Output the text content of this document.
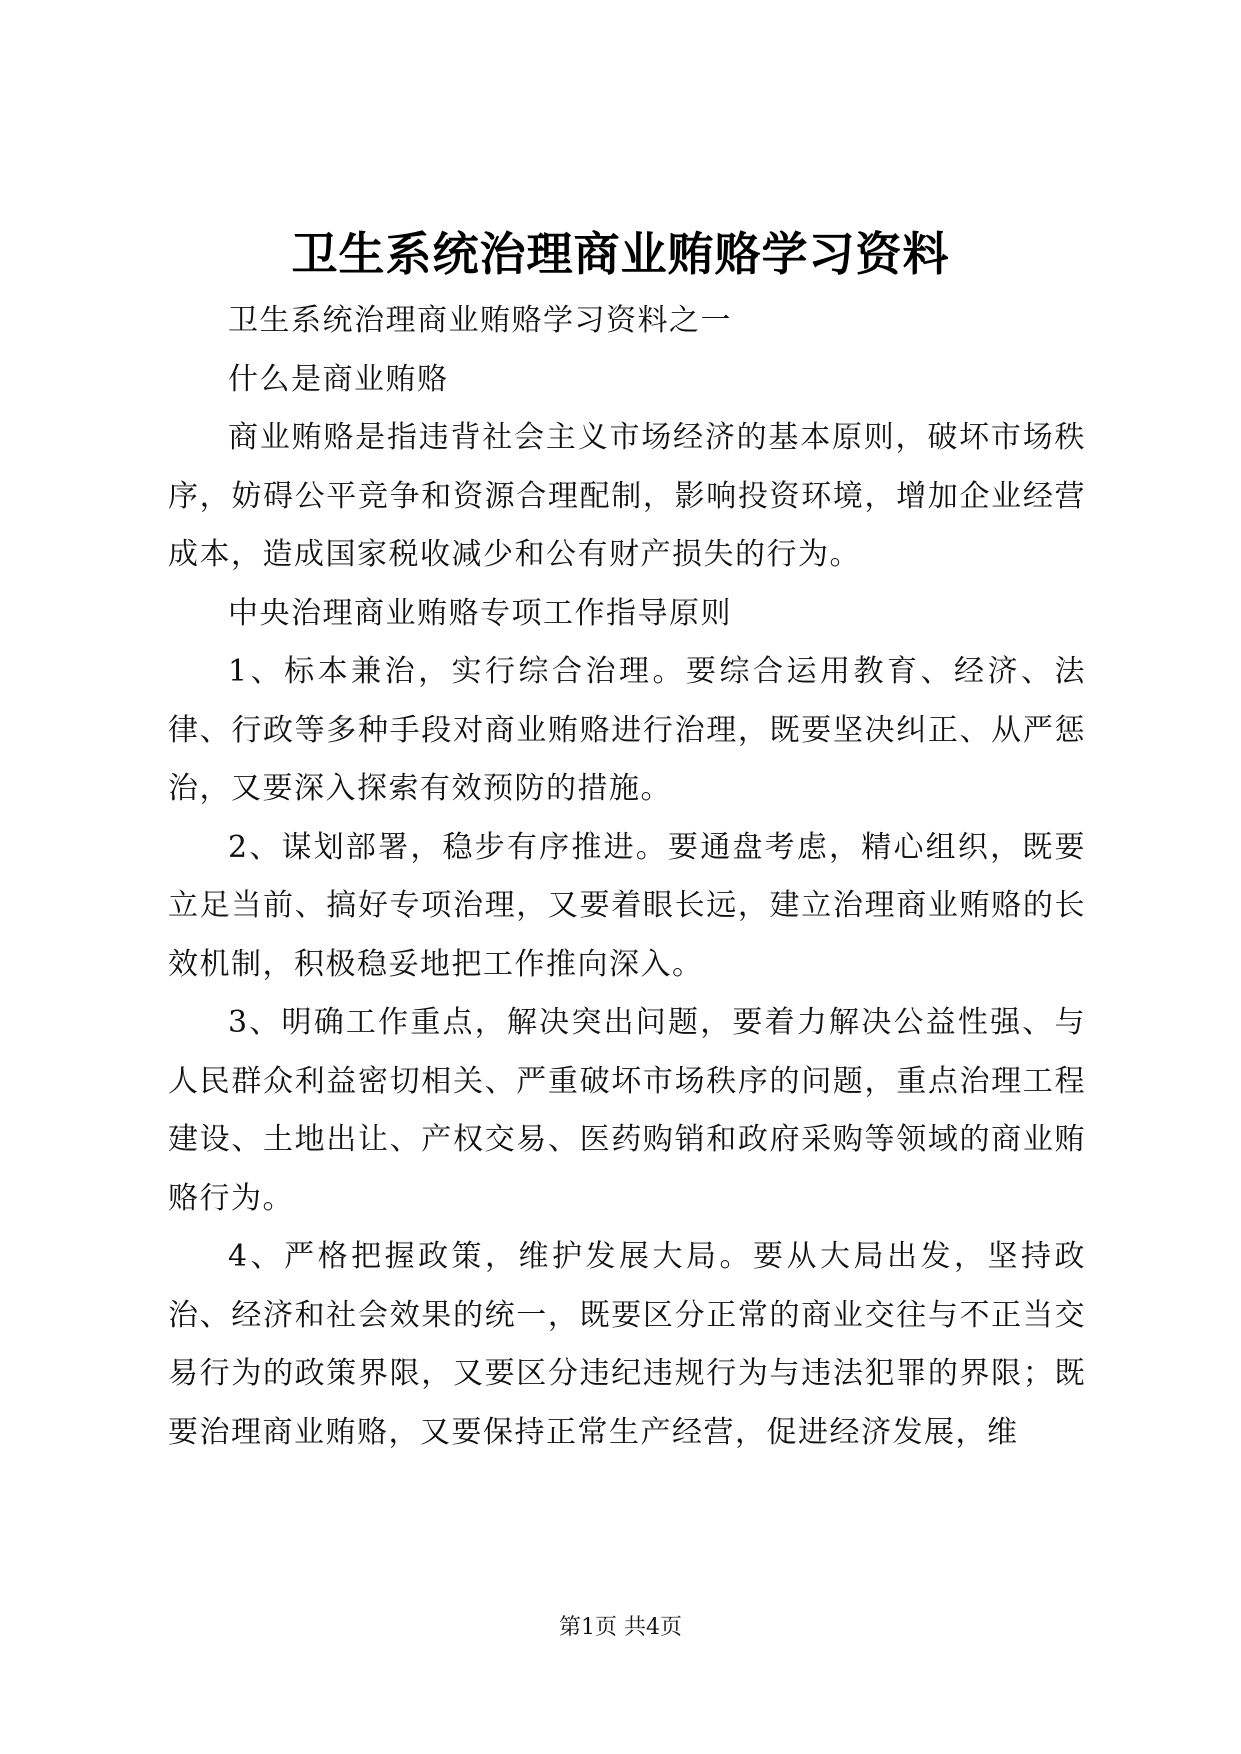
卫生系统治理商业贿赂学习资料

卫生系统治理商业贿赂学习资料之一

什么是商业贿赂

商业贿赂是指违背社会主义市场经济的基本原则，破坏市场秩序，妨碍公平竞争和资源合理配制，影响投资环境，增加企业经营成本，造成国家税收减少和公有财产损失的行为。

中央治理商业贿赂专项工作指导原则

1、标本兼治，实行综合治理。要综合运用教育、经济、法律、行政等多种手段对商业贿赂进行治理，既要坚决纠正、从严惩治，又要深入探索有效预防的措施。

2、谋划部署，稳步有序推进。要通盘考虑，精心组织，既要立足当前、搞好专项治理，又要着眼长远，建立治理商业贿赂的长效机制，积极稳妥地把工作推向深入。

3、明确工作重点，解决突出问题，要着力解决公益性强、与人民群众利益密切相关、严重破坏市场秩序的问题，重点治理工程建设、土地出让、产权交易、医药购销和政府采购等领域的商业贿赂行为。

4、严格把握政策，维护发展大局。要从大局出发，坚持政治、经济和社会效果的统一，既要区分正常的商业交往与不正当交易行为的政策界限，又要区分违纪违规行为与违法犯罪的界限；既要治理商业贿赂，又要保持正常生产经营，促进经济发展，维

第1页 共4页
